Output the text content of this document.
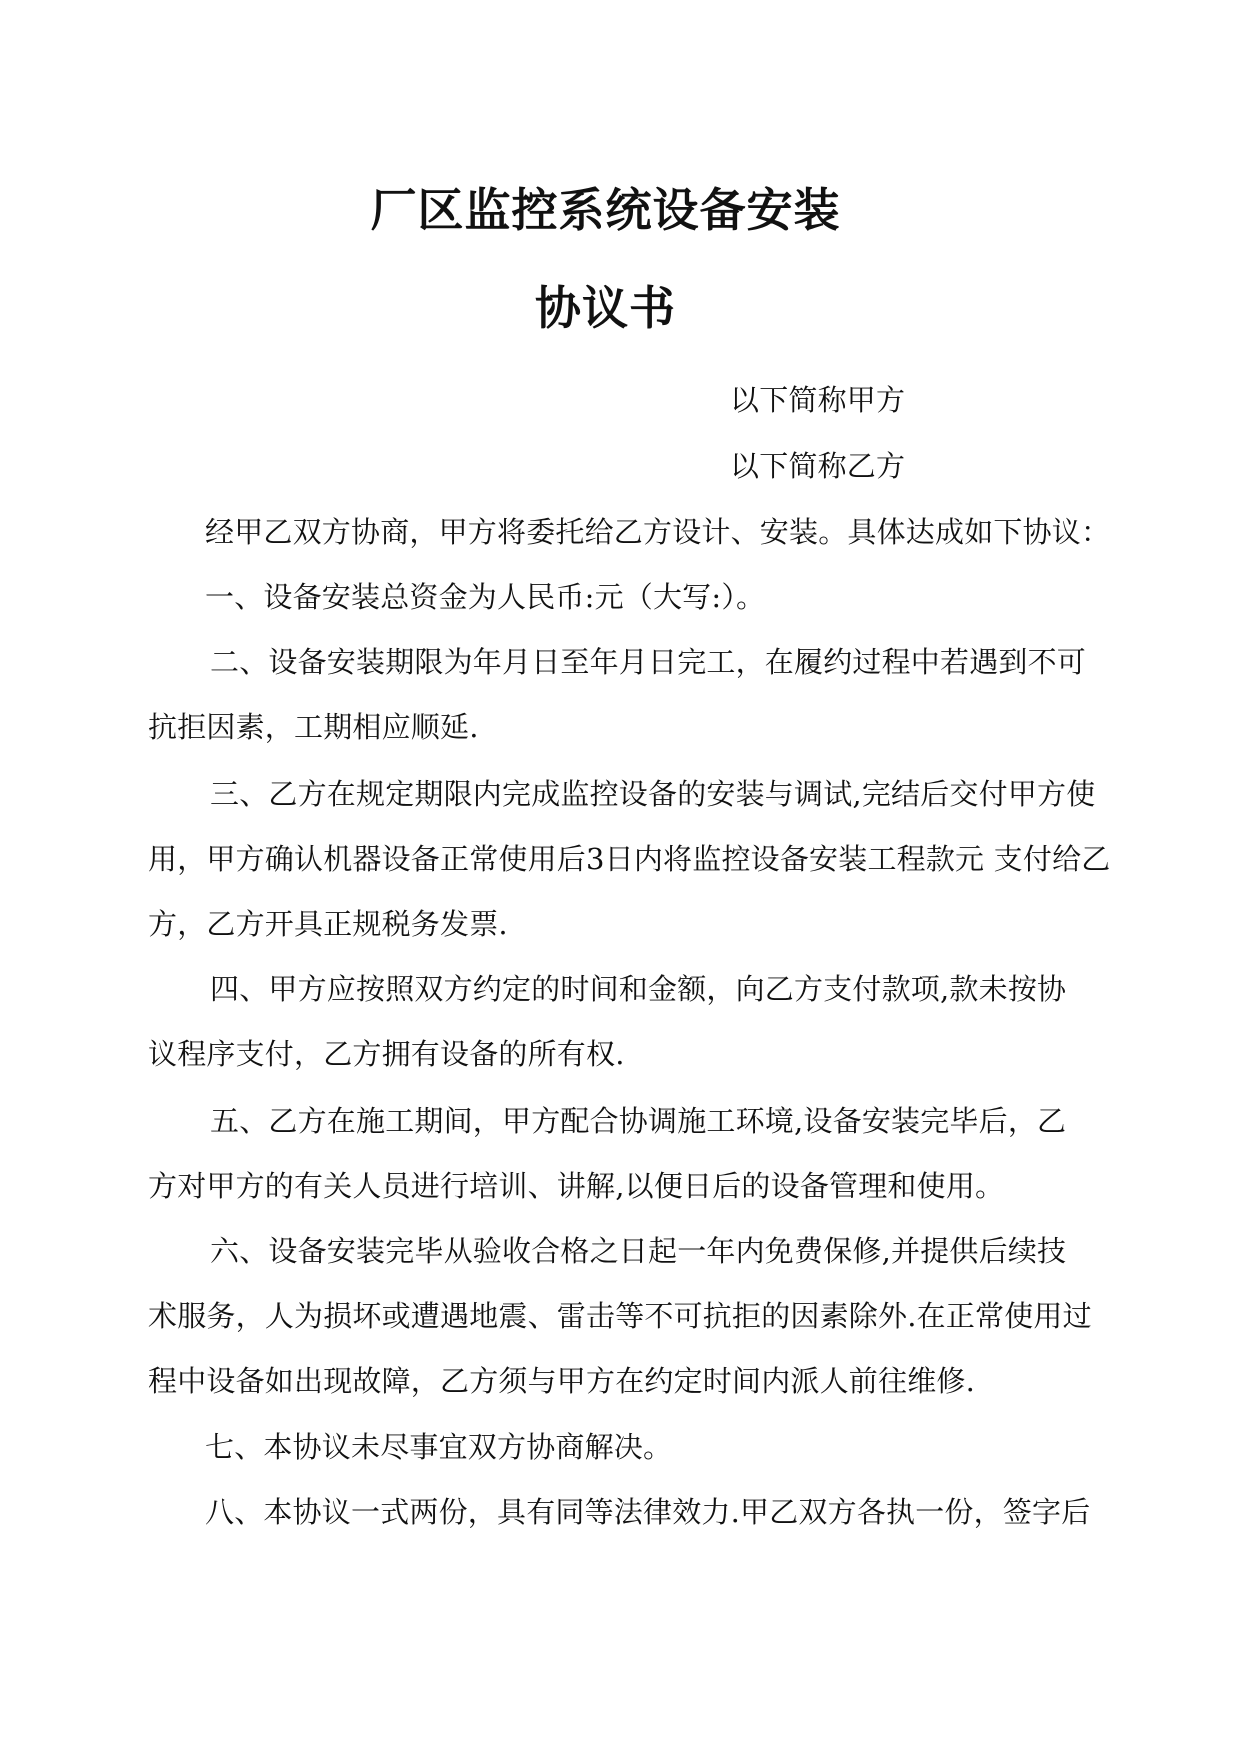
厂区监控系统设备安装
协议书
以下简称甲方
以下简称乙方
经甲乙双方协商，甲方将委托给乙方设计、安装。具体达成如下协议：
一、设备安装总资金为人民币:元（大写:）。
二、设备安装期限为年月日至年月日完工，在履约过程中若遇到不可
抗拒因素，工期相应顺延.
三、乙方在规定期限内完成监控设备的安装与调试,完结后交付甲方使
用，甲方确认机器设备正常使用后3日内将监控设备安装工程款元 支付给乙
方，乙方开具正规税务发票.
四、甲方应按照双方约定的时间和金额，向乙方支付款项,款未按协
议程序支付，乙方拥有设备的所有权.
五、乙方在施工期间，甲方配合协调施工环境,设备安装完毕后，乙
方对甲方的有关人员进行培训、讲解,以便日后的设备管理和使用。
六、设备安装完毕从验收合格之日起一年内免费保修,并提供后续技
术服务，人为损坏或遭遇地震、雷击等不可抗拒的因素除外.在正常使用过
程中设备如出现故障，乙方须与甲方在约定时间内派人前往维修.
七、本协议未尽事宜双方协商解决。
八、本协议一式两份，具有同等法律效力.甲乙双方各执一份，签字后
